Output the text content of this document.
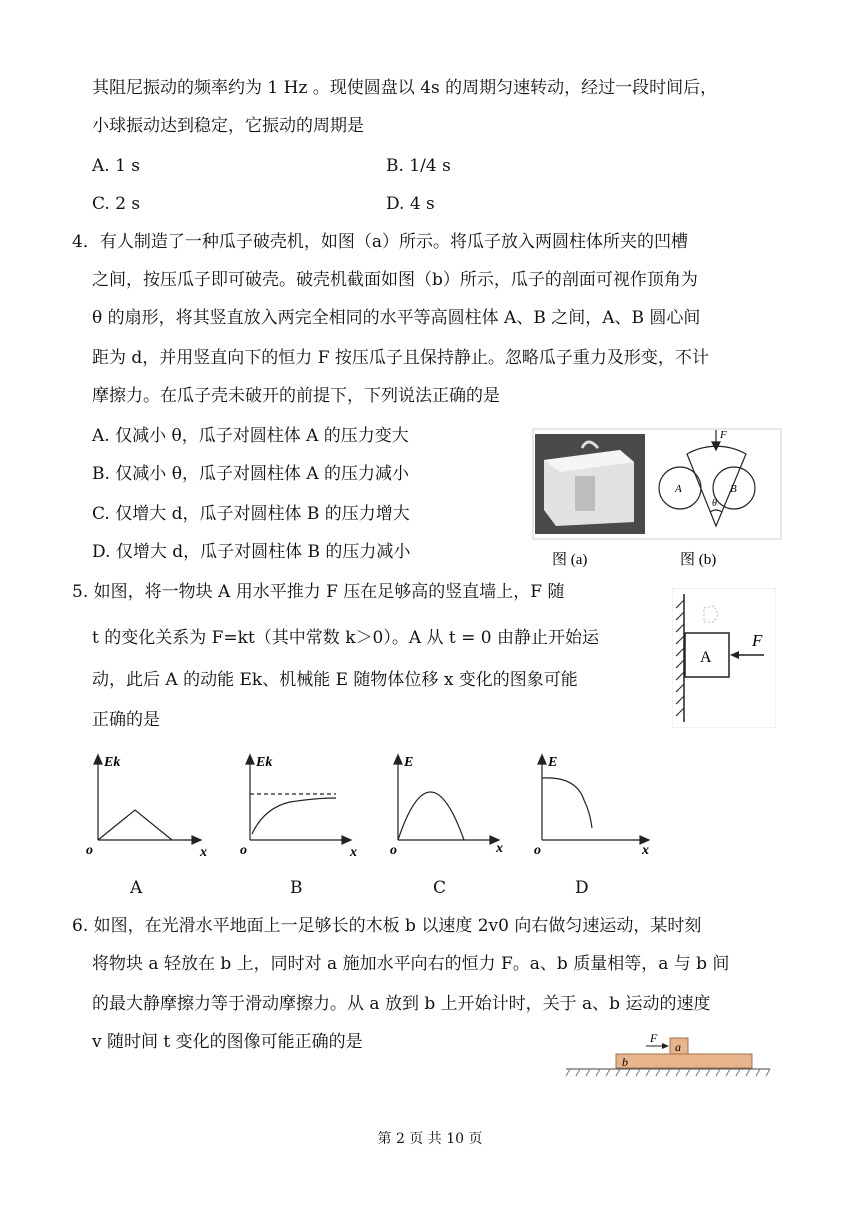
其阻尼振动的频率约为 1 Hz 。现使圆盘以 4s 的周期匀速转动，经过一段时间后，
小球振动达到稳定，它振动的周期是
A. 1 s	B. 1/4 s
C. 2 s	D. 4 s
4．有人制造了一种瓜子破壳机，如图（a）所示。将瓜子放入两圆柱体所夹的凹槽
之间，按压瓜子即可破壳。破壳机截面如图（b）所示，瓜子的剖面可视作顶角为
θ 的扇形，将其竖直放入两完全相同的水平等高圆柱体 A、B 之间，A、B 圆心间
距为 d，并用竖直向下的恒力 F 按压瓜子且保持静止。忽略瓜子重力及形变，不计
摩擦力。在瓜子壳未破开的前提下，下列说法正确的是
A. 仅减小 θ，瓜子对圆柱体 A 的压力变大
B. 仅减小 θ，瓜子对圆柱体 A 的压力减小
C. 仅增大 d，瓜子对圆柱体 B 的压力增大
D. 仅增大 d，瓜子对圆柱体 B 的压力减小
F
A	B
θ
图 (a)	图 (b)
5. 如图，将一物块 A 用水平推力 F 压在足够高的竖直墙上，F 随
t 的变化关系为 F=kt（其中常数 k＞0）。A 从 t = 0 由静止开始运
动，此后 A 的动能 Ek、机械能 E 随物体位移 x 变化的图象可能
正确的是
A
F
Ek
x
o
Ek
x
o
E
x
o
E
x
o
A	B	C	D
6. 如图，在光滑水平地面上一足够长的木板 b 以速度 2v0 向右做匀速运动，某时刻
将物块 a 轻放在 b 上，同时对 a 施加水平向右的恒力 F。a、b 质量相等，a 与 b 间
的最大静摩擦力等于滑动摩擦力。从 a 放到 b 上开始计时，关于 a、b 运动的速度
v 随时间 t 变化的图像可能正确的是	F
a
b
第 2 页 共 10 页
